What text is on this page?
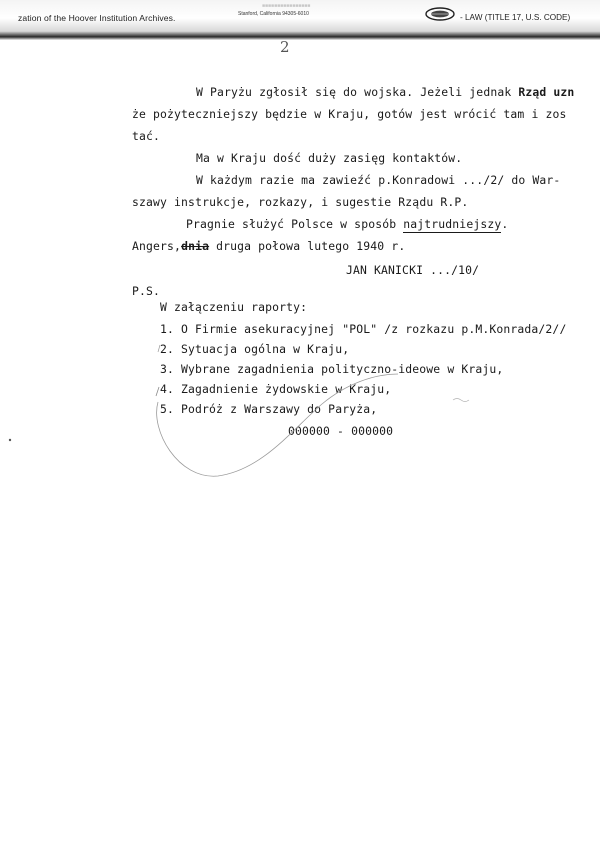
zation of the Hoover Institution Archives.
■■■■■■■■■■■■■■■■
Stanford, California 94305-6010	- LAW (TITLE 17, U.S. CODE)
2
W Paryżu zgłosił się do wojska. Jeżeli jednak Rząd uzn
że pożyteczniejszy będzie w Kraju, gotów jest wrócić tam i zos
tać.
Ma w Kraju dość duży zasięg kontaktów.
W każdym razie ma zawieźć p.Konradowi .../2/ do War-
szawy instrukcje, rozkazy, i sugestie Rządu R.P.
Pragnie służyć Polsce w sposób najtrudniejszy.
Angers,dnia druga połowa lutego 1940 r.
JAN KANICKI .../10/
P.S.
W załączeniu raporty:
1. O Firmie asekuracyjnej "POL" /z rozkazu p.M.Konrada/2//
2. Sytuacja ogólna w Kraju,
3. Wybrane zagadnienia polityczno-ideowe w Kraju,
4. Zagadnienie żydowskie w Kraju,
5. Podróż z Warszawy do Paryża,
000000 - 000000
